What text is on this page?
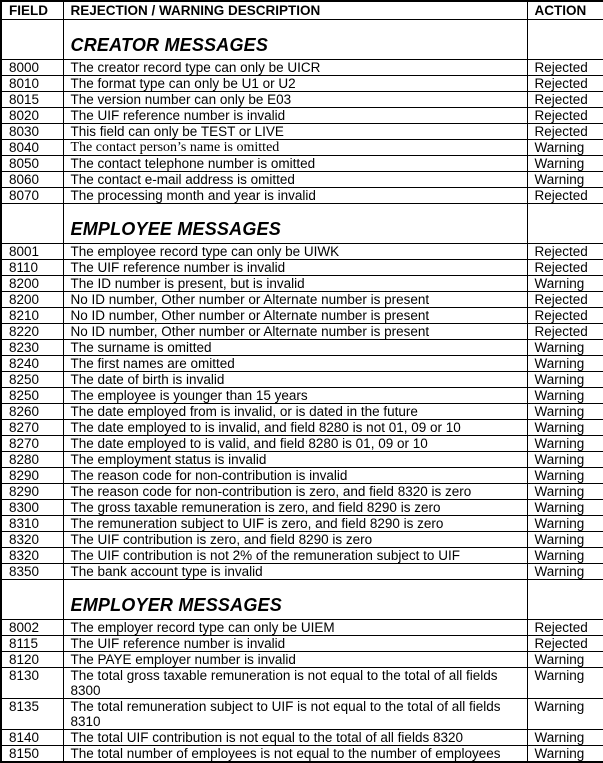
FIELD	REJECTION / WARNING DESCRIPTION	ACTION
	CREATOR MESSAGES	
8000	The creator record type can only be UICR	Rejected
8010	The format type can only be U1 or U2	Rejected
8015	The version number can only be E03	Rejected
8020	The UIF reference number is invalid	Rejected
8030	This field can only be TEST or LIVE	Rejected
8040	The contact person’s name is omitted	Warning
8050	The contact telephone number is omitted	Warning
8060	The contact e-mail address is omitted	Warning
8070	The processing month and year is invalid	Rejected
	EMPLOYEE MESSAGES	
8001	The employee record type can only be UIWK	Rejected
8110	The UIF reference number is invalid	Rejected
8200	The ID number is present, but is invalid	Warning
8200	No ID number, Other number or Alternate number is present	Rejected
8210	No ID number, Other number or Alternate number is present	Rejected
8220	No ID number, Other number or Alternate number is present	Rejected
8230	The surname is omitted	Warning
8240	The first names are omitted	Warning
8250	The date of birth is invalid	Warning
8250	The employee is younger than 15 years	Warning
8260	The date employed from is invalid, or is dated in the future	Warning
8270	The date employed to is invalid, and field 8280 is not 01, 09 or 10	Warning
8270	The date employed to is valid, and field 8280 is 01, 09 or 10	Warning
8280	The employment status is invalid	Warning
8290	The reason code for non-contribution is invalid	Warning
8290	The reason code for non-contribution is zero, and field 8320 is zero	Warning
8300	The gross taxable remuneration is zero, and field 8290 is zero	Warning
8310	The remuneration subject to UIF is zero, and field 8290 is zero	Warning
8320	The UIF contribution is zero, and field 8290 is zero	Warning
8320	The UIF contribution is not 2% of the remuneration subject to UIF	Warning
8350	The bank account type is invalid	Warning
	EMPLOYER MESSAGES	
8002	The employer record type can only be UIEM	Rejected
8115	The UIF reference number is invalid	Rejected
8120	The PAYE employer number is invalid	Warning
8130	The total gross taxable remuneration is not equal to the total of all fields 8300	Warning
8135	The total remuneration subject to UIF is not equal to the total of all fields 8310	Warning
8140	The total UIF contribution is not equal to the total of all fields 8320	Warning
8150	The total number of employees is not equal to the number of employees	Warning
